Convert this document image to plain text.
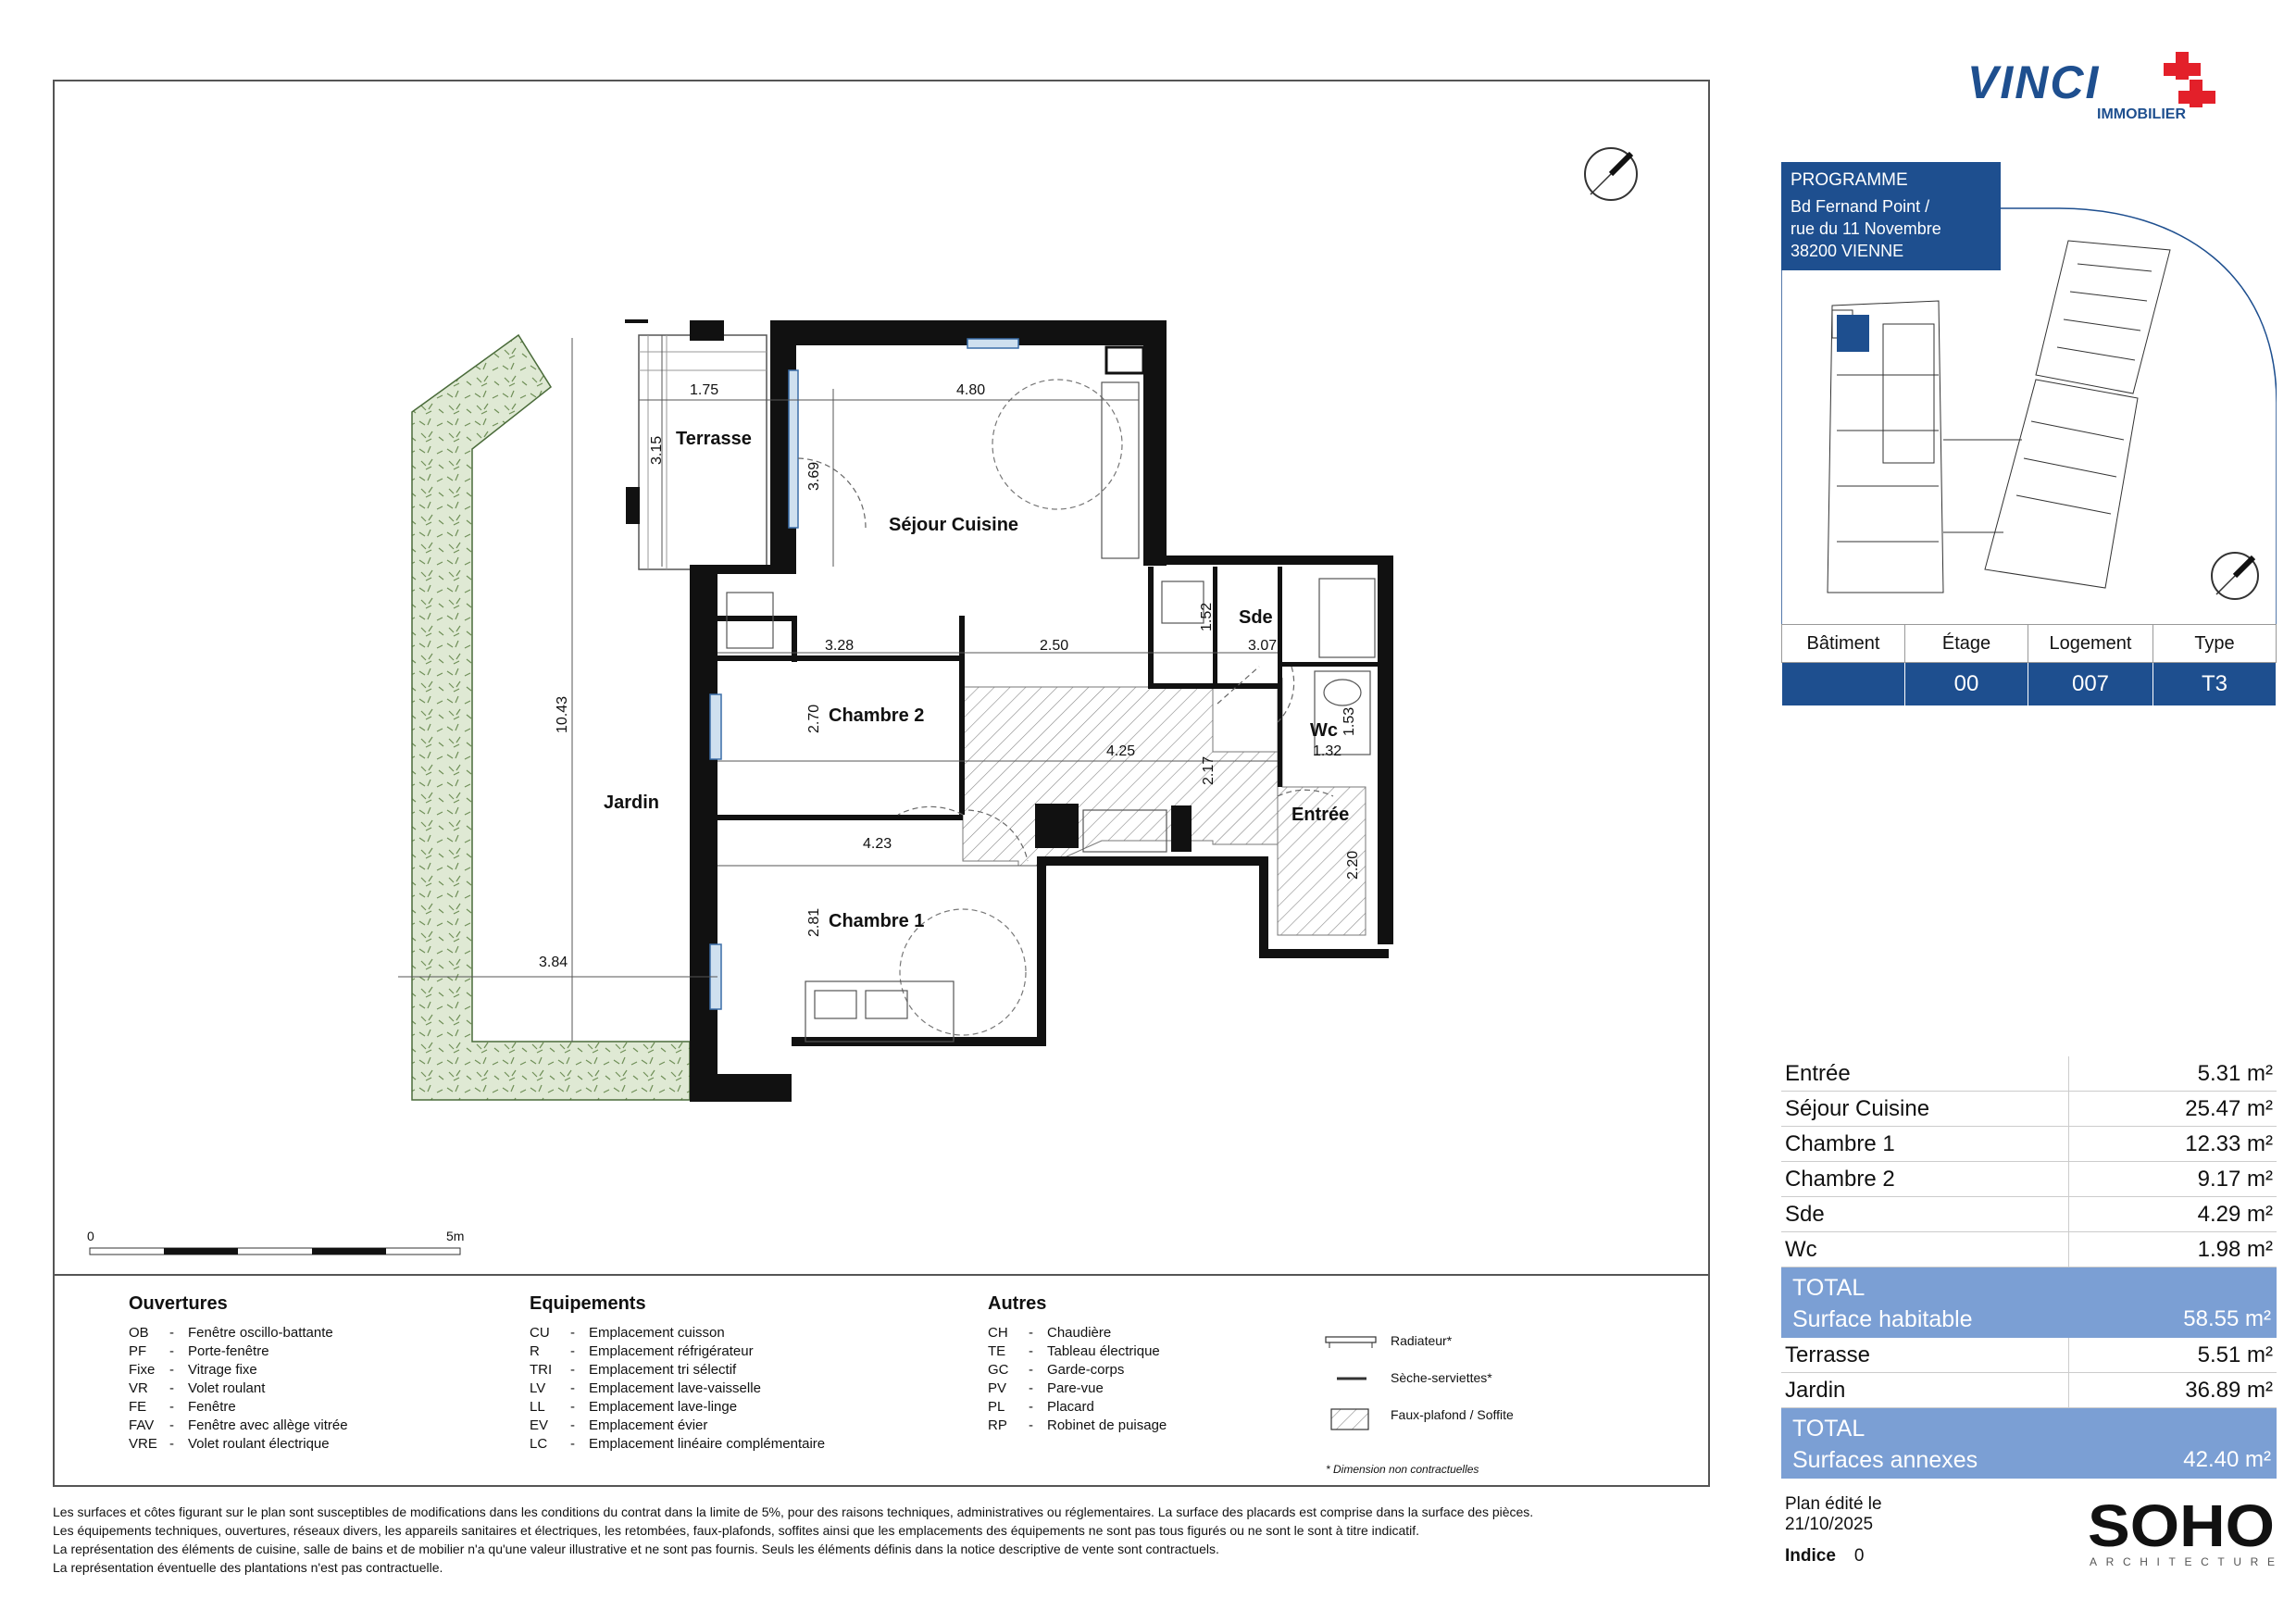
Terrasse
Séjour Cuisine
Sde
Chambre 2
Wc
Entrée
Chambre 1
Jardin
1.75	4.80
3.15
3.69
10.43
3.28	2.50
1.52
3.07
2.70	1.53
1.32
4.25
2.17
4.23
2.20
2.81
3.84
0	5m
Ouvertures
OB	-	Fenêtre oscillo-battante
PF	-	Porte-fenêtre
Fixe	-	Vitrage fixe
VR	-	Volet roulant
FE	-	Fenêtre
FAV	-	Fenêtre avec allège vitrée
VRE -	Volet roulant électrique
Equipements
CU	-	Emplacement cuisson
R	-	Emplacement réfrigérateur
TRI	-	Emplacement tri sélectif
LV	-	Emplacement lave-vaisselle
LL	-	Emplacement lave-linge
EV	-	Emplacement évier
LC	-	Emplacement linéaire complémentaire
Autres
CH	-	Chaudière
TE	-	Tableau électrique
GC	-	Garde-corps
PV	-	Pare-vue
PL	-	Placard
RP	-	Robinet de puisage
Radiateur*
Sèche-serviettes*
Faux-plafond / Soffite
* Dimension non contractuelles
Les surfaces et côtes figurant sur le plan sont susceptibles de modifications dans les conditions du contrat dans la limite de 5%, pour des raisons techniques, administratives ou réglementaires. La surface des placards est comprise dans la surface des pièces.
Les équipements techniques, ouvertures, réseaux divers, les appareils sanitaires et électriques, les retombées, faux-plafonds, soffites ainsi que les emplacements des équipements ne sont pas tous figurés ou ne sont le sont à titre indicatif.
La représentation des éléments de cuisine, salle de bains et de mobilier n'a qu'une valeur illustrative et ne sont pas fournis. Seuls les éléments définis dans la notice descriptive de vente sont contractuels.
La représentation éventuelle des plantations n'est pas contractuelle.
VINCI
IMMOBILIER
PROGRAMME
Bd Fernand Point /
rue du 11 Novembre
38200 VIENNE
Bâtiment	Étage	Logement	Type
	00	007	T3
Entrée	5.31 m²
Séjour Cuisine	25.47 m²
Chambre 1	12.33 m²
Chambre 2	9.17 m²
Sde	4.29 m²
Wc	1.98 m²
TOTAL
Surface habitable	58.55 m²
Terrasse	5.51 m²
Jardin	36.89 m²
TOTAL
Surfaces annexes	42.40 m²
Plan édité le
21/10/2025
Indice 0	SOHO
ARCHITECTURE
